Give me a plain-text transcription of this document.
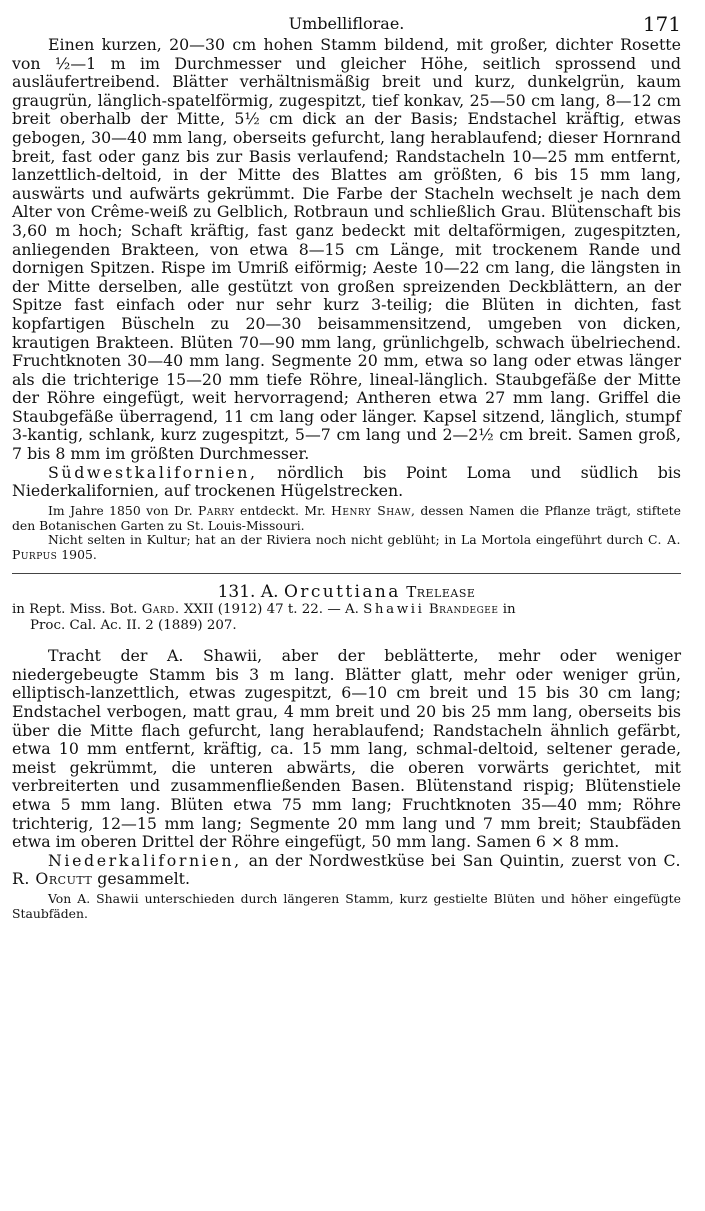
Umbelliflorae.	171

Einen kurzen, 20—30 cm hohen Stamm bildend, mit großer, dichter Rosette von ½—1 m im Durchmesser und gleicher Höhe, seitlich sprossend und ausläufertreibend. Blätter verhältnismäßig breit und kurz, dunkelgrün, kaum graugrün, länglich-spatelförmig, zugespitzt, tief konkav, 25—50 cm lang, 8—12 cm breit oberhalb der Mitte, 5½ cm dick an der Basis; Endstachel kräftig, etwas gebogen, 30—40 mm lang, oberseits gefurcht, lang herablaufend; dieser Hornrand breit, fast oder ganz bis zur Basis verlaufend; Randstacheln 10—25 mm entfernt, lanzettlich-deltoid, in der Mitte des Blattes am größten, 6 bis 15 mm lang, auswärts und aufwärts gekrümmt. Die Farbe der Stacheln wechselt je nach dem Alter von Crême-weiß zu Gelblich, Rotbraun und schließlich Grau. Blütenschaft bis 3,60 m hoch; Schaft kräftig, fast ganz bedeckt mit deltaförmigen, zugespitzten, anliegenden Brakteen, von etwa 8—15 cm Länge, mit trockenem Rande und dornigen Spitzen. Rispe im Umriß eiförmig; Aeste 10—22 cm lang, die längsten in der Mitte derselben, alle gestützt von großen spreizenden Deckblättern, an der Spitze fast einfach oder nur sehr kurz 3-teilig; die Blüten in dichten, fast kopfartigen Büscheln zu 20—30 beisammensitzend, umgeben von dicken, krautigen Brakteen. Blüten 70—90 mm lang, grünlichgelb, schwach übelriechend. Fruchtknoten 30—40 mm lang. Segmente 20 mm, etwa so lang oder etwas länger als die trichterige 15—20 mm tiefe Röhre, lineal-länglich. Staubgefäße der Mitte der Röhre eingefügt, weit hervorragend; Antheren etwa 27 mm lang. Griffel die Staubgefäße überragend, 11 cm lang oder länger. Kapsel sitzend, länglich, stumpf 3-kantig, schlank, kurz zugespitzt, 5—7 cm lang und 2—2½ cm breit. Samen groß, 7 bis 8 mm im größten Durchmesser.

Südwestkalifornien, nördlich bis Point Loma und südlich bis Niederkalifornien, auf trockenen Hügelstrecken.

Im Jahre 1850 von Dr. Parry entdeckt. Mr. Henry Shaw, dessen Namen die Pflanze trägt, stiftete den Botanischen Garten zu St. Louis-Missouri.

Nicht selten in Kultur; hat an der Riviera noch nicht geblüht; in La Mortola eingeführt durch C. A. Purpus 1905.

131. A. Orcuttiana Trelease
in Rept. Miss. Bot. Gard. XXII (1912) 47 t. 22. — A. Shawii Brandegee in
Proc. Cal. Ac. II. 2 (1889) 207.

Tracht der A. Shawii, aber der beblätterte, mehr oder weniger niedergebeugte Stamm bis 3 m lang. Blätter glatt, mehr oder weniger grün, elliptisch-lanzettlich, etwas zugespitzt, 6—10 cm breit und 15 bis 30 cm lang; Endstachel verbogen, matt grau, 4 mm breit und 20 bis 25 mm lang, oberseits bis über die Mitte flach gefurcht, lang herablaufend; Randstacheln ähnlich gefärbt, etwa 10 mm entfernt, kräftig, ca. 15 mm lang, schmal-deltoid, seltener gerade, meist gekrümmt, die unteren abwärts, die oberen vorwärts gerichtet, mit verbreiterten und zusammenfließenden Basen. Blütenstand rispig; Blütenstiele etwa 5 mm lang. Blüten etwa 75 mm lang; Fruchtknoten 35—40 mm; Röhre trichterig, 12—15 mm lang; Segmente 20 mm lang und 7 mm breit; Staubfäden etwa im oberen Drittel der Röhre eingefügt, 50 mm lang. Samen 6 × 8 mm.

Niederkalifornien, an der Nordwestküse bei San Quintin, zuerst von C. R. Orcutt gesammelt.

Von A. Shawii unterschieden durch längeren Stamm, kurz gestielte Blüten und höher eingefügte Staubfäden.
